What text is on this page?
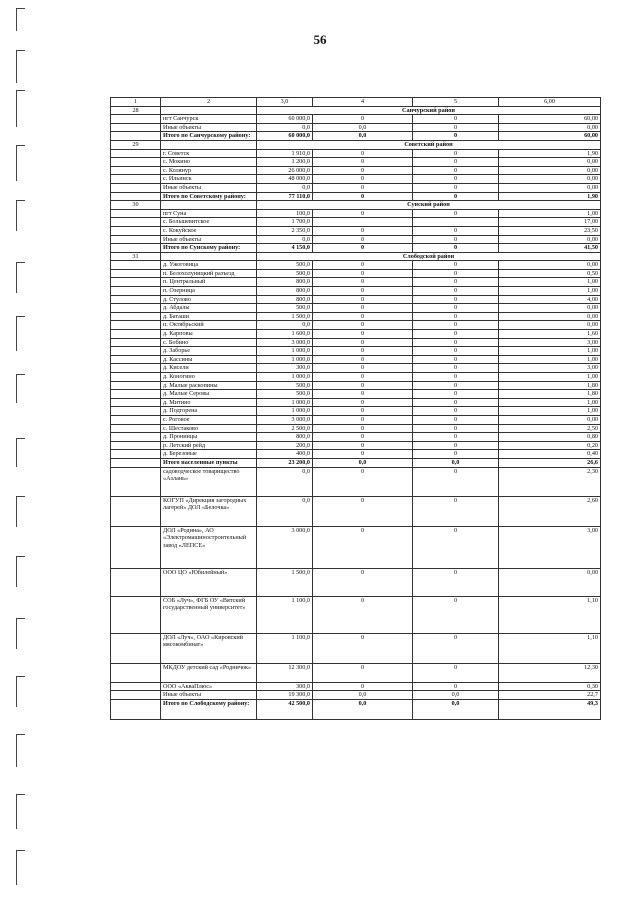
56
1	2	3,0	4	5	6,00
28		Санчурский район			
	пгт Санчурск	60 000,0	0	0	60,00
	Иные объекты	0,0	0,0	0	0,00
	Итого по Санчурскому району:	60 000,0	0,0	0	60,00
29		Советский район			
	г. Советск	1 910,0	0	0	1,90
	с. Мокино	1 200,0	0	0	0,00
	с. Колянур	26 000,0	0	0	0,00
	с. Ильинск	48 000,0	0	0	0,00
	Иные объекты	0,0	0	0	0,00
	Итого по Советскому району:	77 110,0	0	0	1,90
30		Сунский район			
	пгт Суна	100,0	0	0	1,00
	с. Большевитское	1 700,0			17,00
	с. Кокуйское	2 350,0	0	0	23,50
	Иные объекты	0,0	0	0	0,00
	Итого по Сунскому району:	4 150,0	0	0	41,50
31		Слободской район			
	д. Ужоговица	500,0	0	0	0,00
	п. Белохолуницкий разъезд	500,0	0	0	0,50
	п. Центральный	800,0	0	0	1,00
	п. Озерница	800,0	0	0	1,00
	д. Стулово	800,0	0	0	4,00
	д. Абдалы	500,0	0	0	0,00
	д. Баташи	1 500,0	0	0	0,00
	п. Октябрьский	0,0	0	0	0,00
	д. Карповы	1 600,0	0	0	1,60
	с. Бобино	3 000,0	0	0	3,00
	д. Заборье	1 000,0	0	0	1,00
	д. Кассины	1 000,0	0	0	1,00
	д. Кисели	300,0	0	0	3,00
	д. Коногино	1 000,0	0	0	1,00
	д. Малые раскопины	500,0	0	0	1,80
	д. Малые Серовы	500,0	0	0	1,80
	д. Митино	1 000,0	0	0	1,00
	д. Подгорена	1 000,0	0	0	1,00
	с. Роговое	3 000,0	0	0	0,00
	с. Шестаково	2 500,0	0	0	2,50
	д. Пронинцы	800,0	0	0	0,80
	р. Летский рейд	200,0	0	0	0,20
	д. Березовые	400,0	0	0	0,40
	Итого населенные пункты	23 200,0	0,0	0,0	26,6
	садоводческое товарищество «Азлань»	0,0	0	0	2,30
	КОГУП «Дирекция загородных лагерей» ДОЛ «Белочка»	0,0	0	0	2,60
	ДОЛ «Родина», АО «Электромашиностроительный завод «ЛЕПСЕ»	3 000,0	0	0	3,00
	ООО ЦО «Юбилейный»	1 500,0	0	0	0,00
	СОБ «Луч», ФГБ ОУ «Вятский государственный университет»	1 100,0	0	0	1,10
	ДОЛ «Луч», ОАО «Кировский мясокомбинат»	1 100,0	0	0	1,10
	МКДОУ детский сад «Родничок»	12 300,0	0	0	12,30
	ООО «АкваПлюс»	300,0	0	0	0,30
	Иные объекты	19 300,0	0,0	0,0	22,7
	Итого по Слободскому району:	42 500,0	0,0	0,0	49,3
